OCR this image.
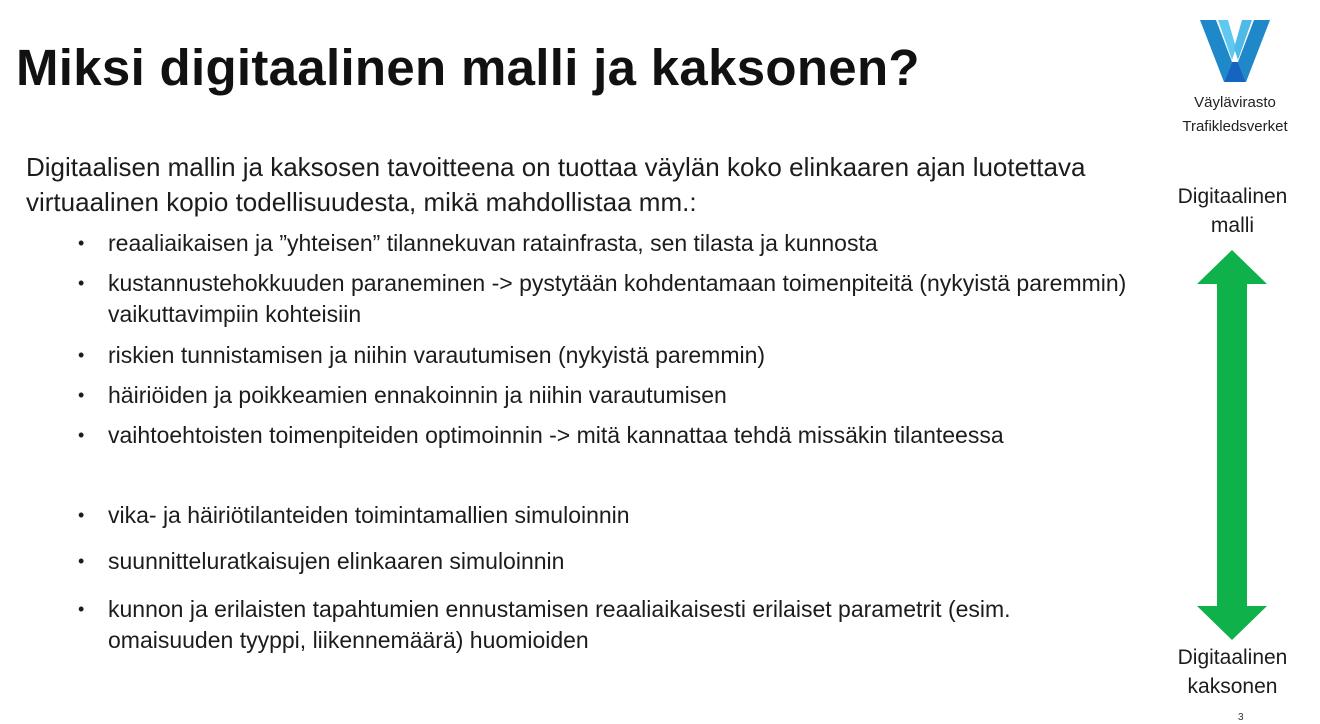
Miksi digitaalinen malli ja kaksonen?
Väylävirasto
Trafikledsverket
Digitaalisen mallin ja kaksosen tavoitteena on tuottaa väylän koko elinkaaren ajan luotettava virtuaalinen kopio todellisuudesta, mikä mahdollistaa mm.:
•	reaaliaikaisen ja ”yhteisen” tilannekuvan ratainfrasta, sen tilasta ja kunnosta
•	kustannustehokkuuden paraneminen -> pystytään kohdentamaan toimenpiteitä (nykyistä paremmin) vaikuttavimpiin kohteisiin
•	riskien tunnistamisen ja niihin varautumisen (nykyistä paremmin)
•	häiriöiden ja poikkeamien ennakoinnin ja niihin varautumisen
•	vaihtoehtoisten toimenpiteiden optimoinnin -> mitä kannattaa tehdä missäkin tilanteessa
•	vika- ja häiriötilanteiden toimintamallien simuloinnin
•	suunnitteluratkaisujen elinkaaren simuloinnin
•	kunnon ja erilaisten tapahtumien ennustamisen reaaliaikaisesti erilaiset parametrit (esim. omaisuuden tyyppi, liikennemäärä) huomioiden
Digitaalinen malli
Digitaalinen kaksonen
3
